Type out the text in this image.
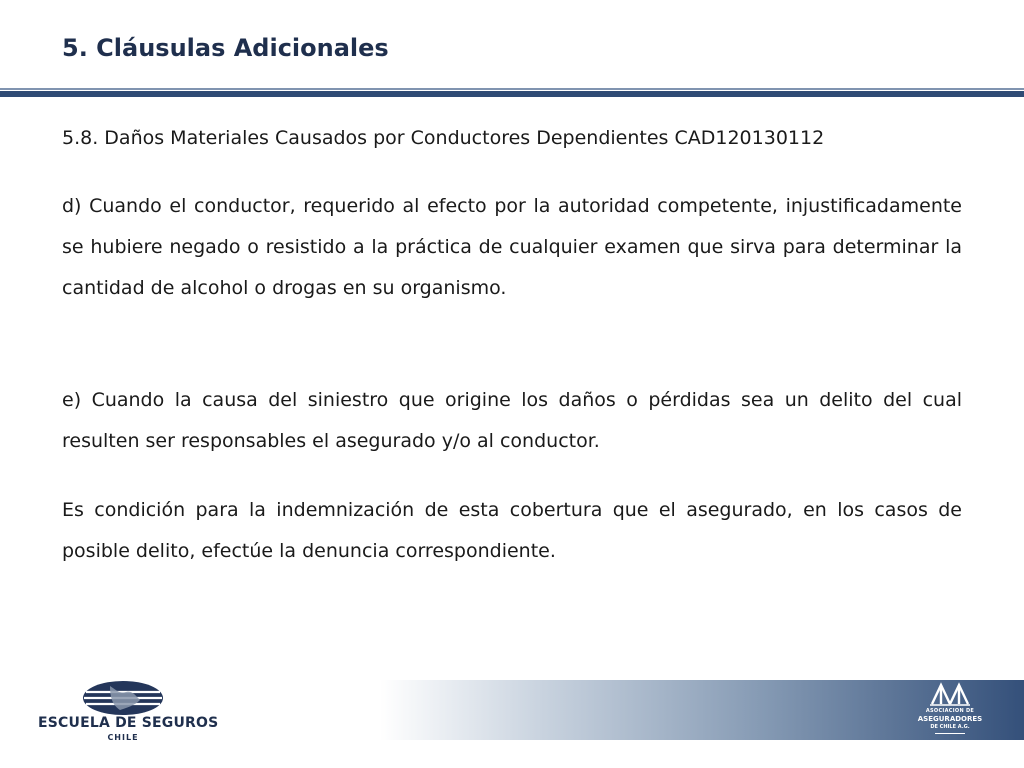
5. Cláusulas Adicionales

5.8. Daños Materiales Causados por Conductores Dependientes CAD120130112

d) Cuando el conductor, requerido al efecto por la autoridad competente, injustificadamente se hubiere negado o resistido a la práctica de cualquier examen que sirva para determinar la cantidad de alcohol o drogas en su organismo.

e) Cuando la causa del siniestro que origine los daños o pérdidas sea un delito del cual resulten ser responsables el asegurado y/o al conductor.

Es condición para la indemnización de esta cobertura que el asegurado, en los casos de posible delito, efectúe la denuncia correspondiente.

ESCUELA DE SEGUROS
CHILE
ASOCIACION DE
ASEGURADORES
DE CHILE A.G.
